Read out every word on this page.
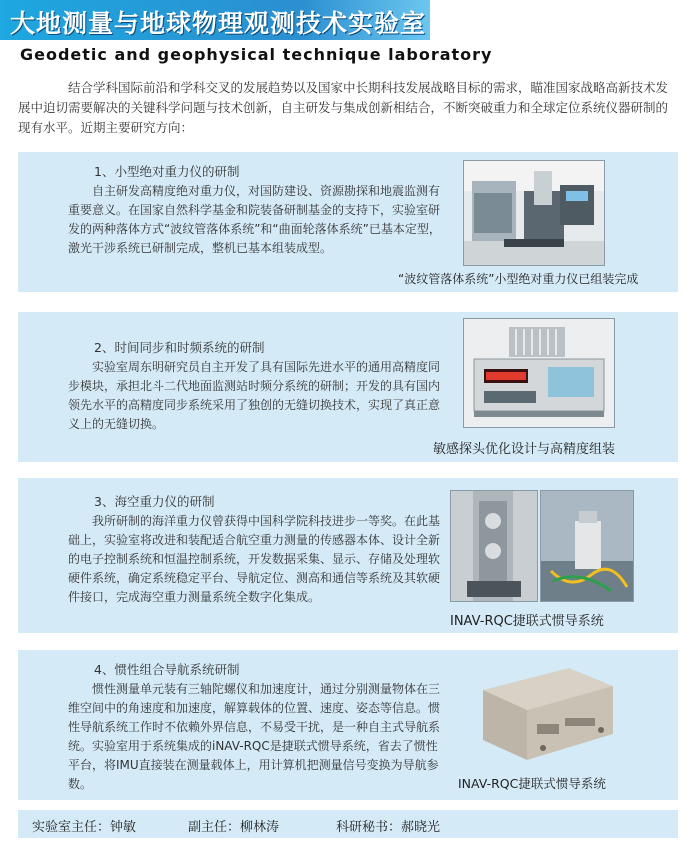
大地测量与地球物理观测技术实验室
Geodetic and geophysical technique laboratory

结合学科国际前沿和学科交叉的发展趋势以及国家中长期科技发展战略目标的需求，瞄准国家战略高新技术发展中迫切需要解决的关键科学问题与技术创新，自主研发与集成创新相结合，不断突破重力和全球定位系统仪器研制的现有水平。近期主要研究方向：

1、小型绝对重力仪的研制
自主研发高精度绝对重力仪，对国防建设、资源勘探和地震监测有重要意义。在国家自然科学基金和院装备研制基金的支持下，实验室研发的两种落体方式“波纹管落体系统”和“曲面轮落体系统”已基本定型，激光干涉系统已研制完成，整机已基本组装成型。
“波纹管落体系统”小型绝对重力仪已组装完成
2、时间同步和时频系统的研制
实验室周东明研究员自主开发了具有国际先进水平的通用高精度同步模块，承担北斗二代地面监测站时频分系统的研制；开发的具有国内领先水平的高精度同步系统采用了独创的无缝切换技术，实现了真正意义上的无缝切换。
敏感探头优化设计与高精度组装
3、海空重力仪的研制
我所研制的海洋重力仪曾获得中国科学院科技进步一等奖。在此基础上，实验室将改进和装配适合航空重力测量的传感器本体、设计全新的电子控制系统和恒温控制系统，开发数据采集、显示、存储及处理软硬件系统，确定系统稳定平台、导航定位、测高和通信等系统及其软硬件接口，完成海空重力测量系统全数字化集成。
INAV-RQC捷联式惯导系统
4、惯性组合导航系统研制
惯性测量单元装有三轴陀螺仪和加速度计，通过分别测量物体在三维空间中的角速度和加速度，解算载体的位置、速度、姿态等信息。惯性导航系统工作时不依赖外界信息，不易受干扰，是一种自主式导航系统。实验室用于系统集成的iNAV-RQC是捷联式惯导系统，省去了惯性平台，将IMU直接装在测量载体上，用计算机把测量信号变换为导航参数。	INAV-RQC捷联式惯导系统
实验室主任：钟敏	副主任：柳林涛	科研秘书：郝晓光
